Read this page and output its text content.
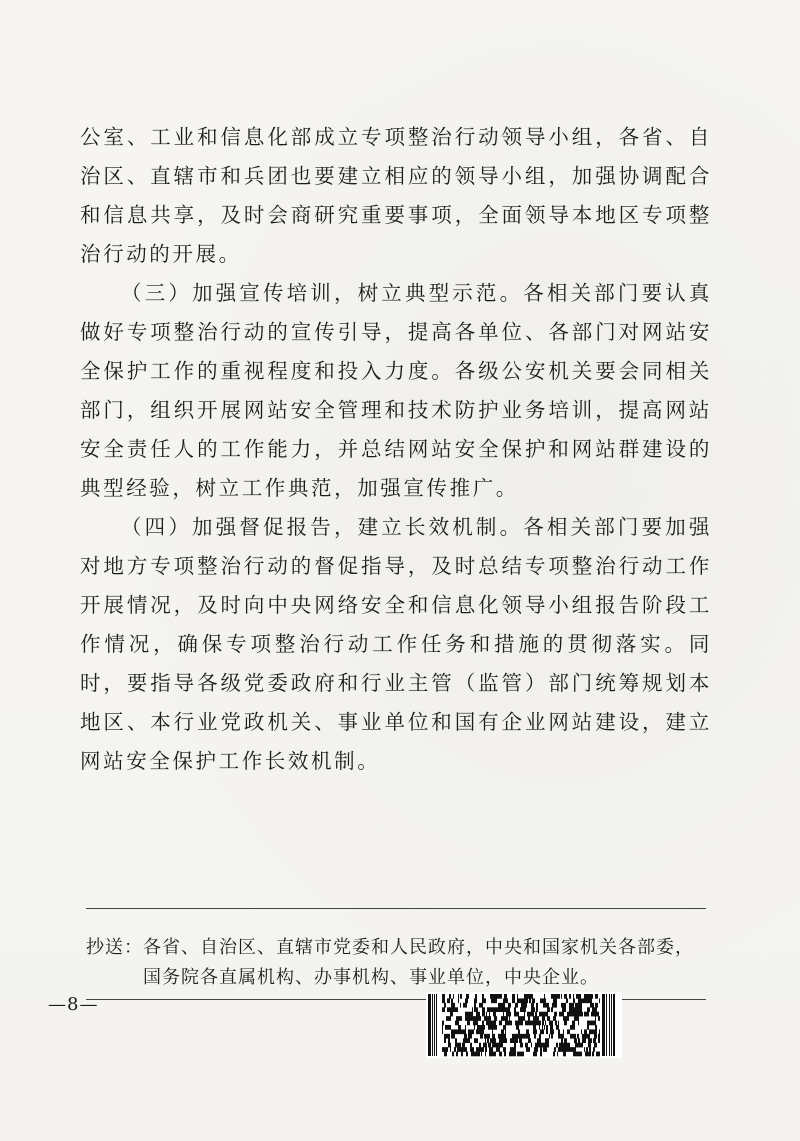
公室、工业和信息化部成立专项整治行动领导小组，各省、自治区、直辖市和兵团也要建立相应的领导小组，加强协调配合和信息共享，及时会商研究重要事项，全面领导本地区专项整治行动的开展。

（三）加强宣传培训，树立典型示范。各相关部门要认真做好专项整治行动的宣传引导，提高各单位、各部门对网站安全保护工作的重视程度和投入力度。各级公安机关要会同相关部门，组织开展网站安全管理和技术防护业务培训，提高网站安全责任人的工作能力，并总结网站安全保护和网站群建设的典型经验，树立工作典范，加强宣传推广。

（四）加强督促报告，建立长效机制。各相关部门要加强对地方专项整治行动的督促指导，及时总结专项整治行动工作开展情况，及时向中央网络安全和信息化领导小组报告阶段工作情况，确保专项整治行动工作任务和措施的贯彻落实。同时，要指导各级党委政府和行业主管（监管）部门统筹规划本地区、本行业党政机关、事业单位和国有企业网站建设，建立网站安全保护工作长效机制。

抄送： 各省、自治区、直辖市党委和人民政府，中央和国家机关各部委，
国务院各直属机构、办事机构、事业单位，中央企业。
—8—
